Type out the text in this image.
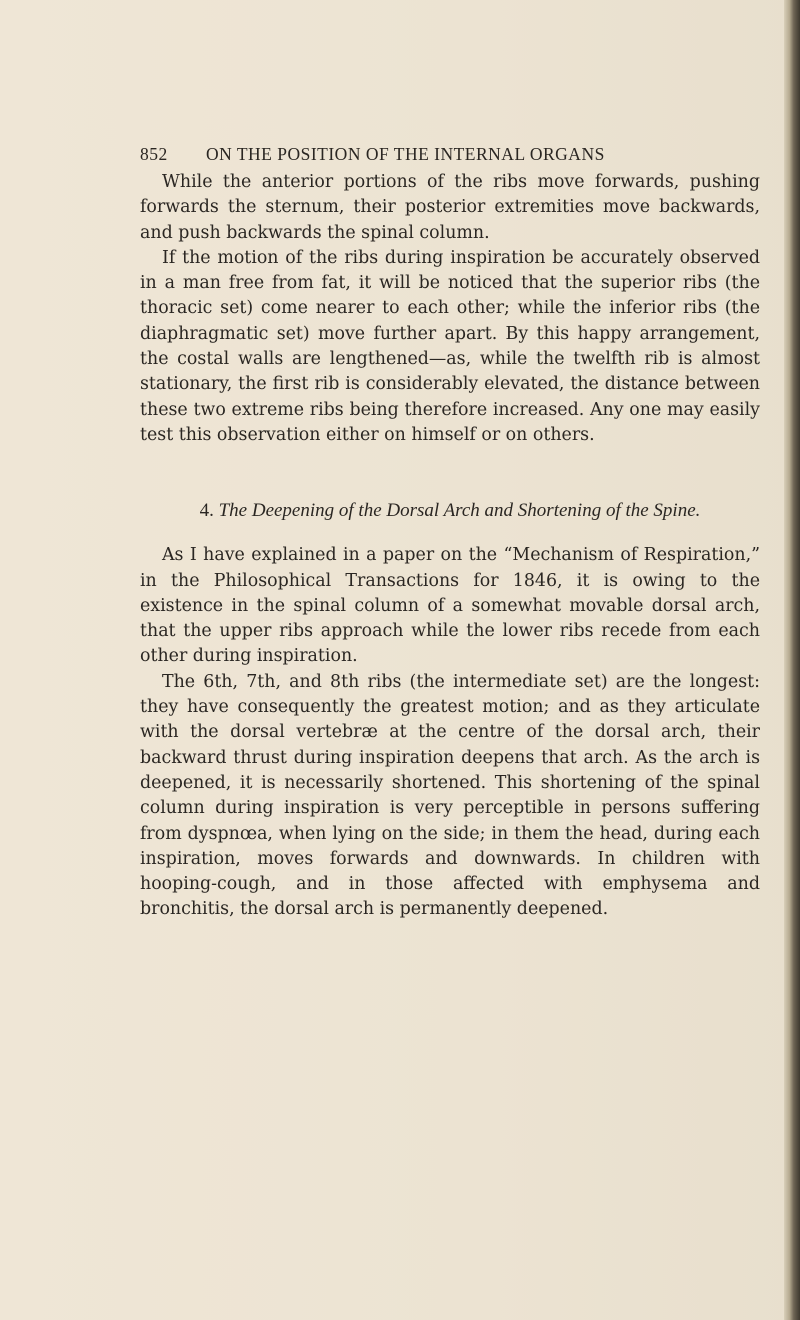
852 ON THE POSITION OF THE INTERNAL ORGANS

While the anterior portions of the ribs move forwards, pushing forwards the sternum, their posterior extremities move backwards, and push backwards the spinal column.

If the motion of the ribs during inspiration be accurately observed in a man free from fat, it will be noticed that the superior ribs (the thoracic set) come nearer to each other; while the inferior ribs (the diaphragmatic set) move further apart. By this happy arrangement, the costal walls are lengthened—as, while the twelfth rib is almost stationary, the first rib is considerably elevated, the distance between these two extreme ribs being therefore increased. Any one may easily test this observation either on himself or on others.

4. The Deepening of the Dorsal Arch and Shortening of the Spine.

As I have explained in a paper on the “Mechanism of Respiration,” in the Philosophical Transactions for 1846, it is owing to the existence in the spinal column of a somewhat movable dorsal arch, that the upper ribs approach while the lower ribs recede from each other during inspiration.

The 6th, 7th, and 8th ribs (the intermediate set) are the longest: they have consequently the greatest motion; and as they articulate with the dorsal vertebræ at the centre of the dorsal arch, their backward thrust during inspiration deepens that arch. As the arch is deepened, it is necessarily shortened. This shortening of the spinal column during inspiration is very perceptible in persons suffering from dyspnœa, when lying on the side; in them the head, during each inspiration, moves forwards and downwards. In children with hooping-cough, and in those affected with emphysema and bronchitis, the dorsal arch is permanently deepened.
